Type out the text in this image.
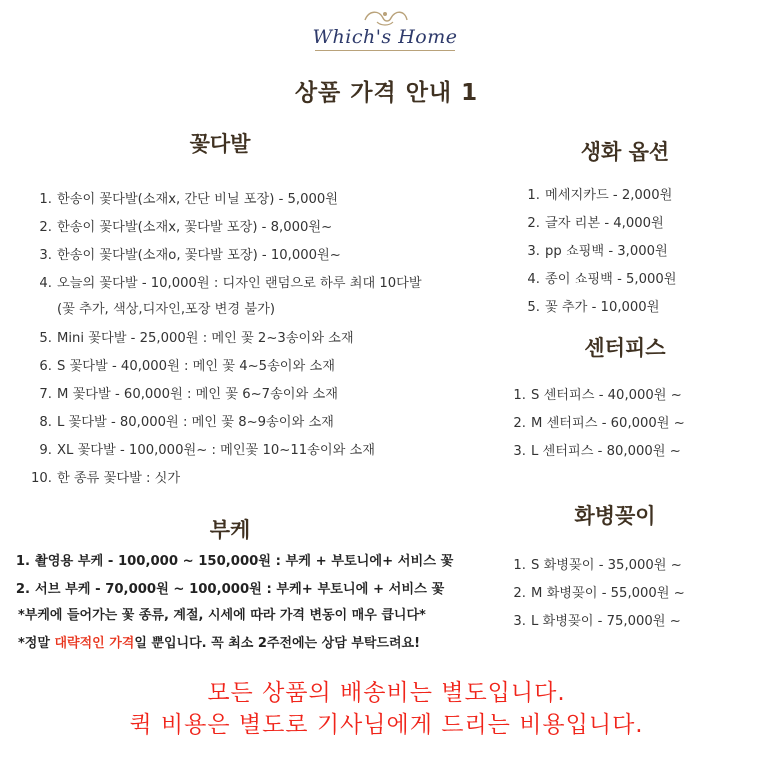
Which's Home
상품 가격 안내 1
꽃다발
1. 한송이 꽃다발(소재x, 간단 비닐 포장) - 5,000원
2. 한송이 꽃다발(소재x, 꽃다발 포장) - 8,000원~
3. 한송이 꽃다발(소재o, 꽃다발 포장) - 10,000원~
4. 오늘의 꽃다발 - 10,000원 : 디자인 랜덤으로 하루 최대 10다발
(꽃 추가, 색상,디자인,포장 변경 불가)
5. Mini 꽃다발 - 25,000원 : 메인 꽃 2~3송이와 소재
6. S 꽃다발 - 40,000원 : 메인 꽃 4~5송이와 소재
7. M 꽃다발 - 60,000원 : 메인 꽃 6~7송이와 소재
8. L 꽃다발 - 80,000원 : 메인 꽃 8~9송이와 소재
9. XL 꽃다발 - 100,000원~ : 메인꽃 10~11송이와 소재
10. 한 종류 꽃다발 : 싯가
생화 옵션
1. 메세지카드 - 2,000원
2. 글자 리본 - 4,000원
3. pp 쇼핑백 - 3,000원
4. 종이 쇼핑백 - 5,000원
5. 꽃 추가 - 10,000원
센터피스
1. S 센터피스 - 40,000원 ~
2. M 센터피스 - 60,000원 ~
3. L 센터피스 - 80,000원 ~
화병꽂이
1. S 화병꽂이 - 35,000원 ~
2. M 화병꽂이 - 55,000원 ~
3. L 화병꽂이 - 75,000원 ~
부케
1. 촬영용 부케 - 100,000 ~ 150,000원 : 부케 + 부토니에+ 서비스 꽃
2. 서브 부케 - 70,000원 ~ 100,000원 : 부케+ 부토니에 + 서비스 꽃
*부케에 들어가는 꽃 종류, 계절, 시세에 따라 가격 변동이 매우 큽니다*
*정말 대략적인 가격일 뿐입니다. 꼭 최소 2주전에는 상담 부탁드려요!
모든 상품의 배송비는 별도입니다.
퀵 비용은 별도로 기사님에게 드리는 비용입니다.
